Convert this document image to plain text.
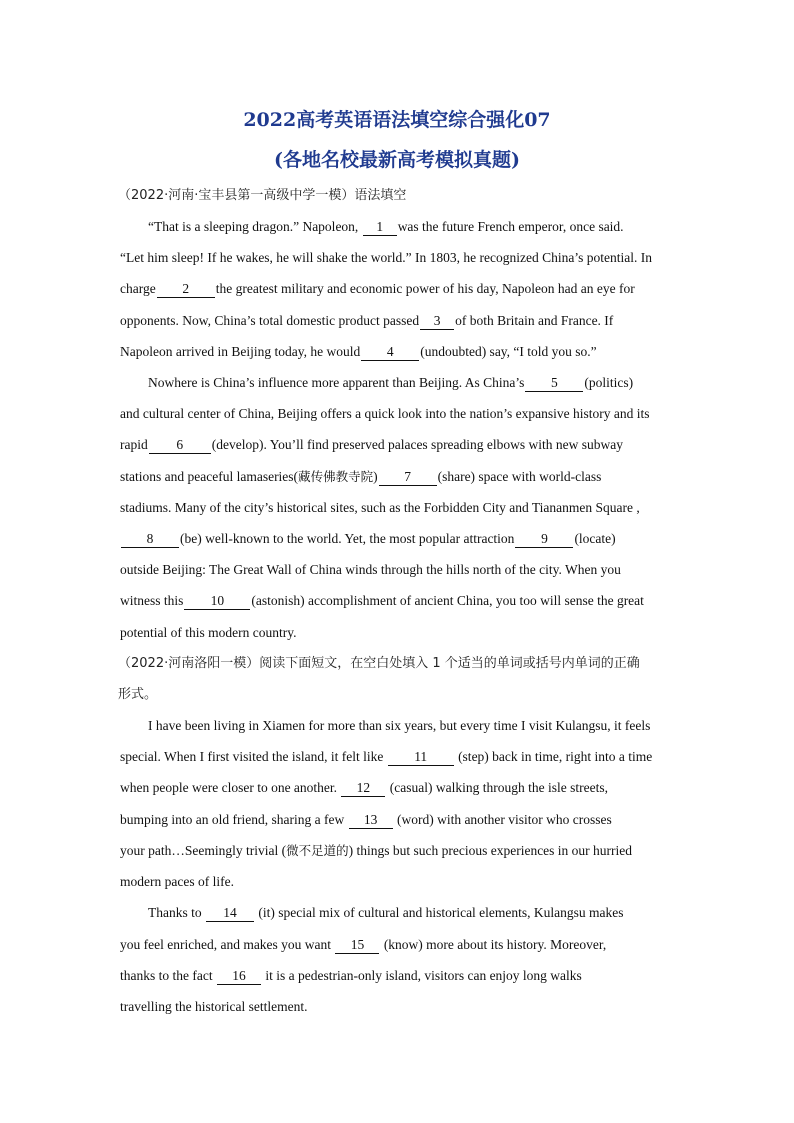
2022高考英语语法填空综合强化07
(各地名校最新高考模拟真题)
（2022·河南·宝丰县第一高级中学一模）语法填空
“That is a sleeping dragon.” Napoleon, 1 was the future French emperor, once said.
“Let him sleep! If he wakes, he will shake the world.” In 1803, he recognized China’s potential. In
charge 2 the greatest military and economic power of his day, Napoleon had an eye for
opponents. Now, China’s total domestic product passed 3 of both Britain and France. If
Napoleon arrived in Beijing today, he would 4 (undoubted) say, “I told you so.”
Nowhere is China’s influence more apparent than Beijing. As China’s 5 (politics)
and cultural center of China, Beijing offers a quick look into the nation’s expansive history and its
rapid 6 (develop). You’ll find preserved palaces spreading elbows with new subway
stations and peaceful lamaseries(藏传佛教寺院) 7 (share) space with world-class
stadiums. Many of the city’s historical sites, such as the Forbidden City and Tiananmen Square ,
8 (be) well-known to the world. Yet, the most popular attraction 9 (locate)
outside Beijing: The Great Wall of China winds through the hills north of the city. When you
witness this 10 (astonish) accomplishment of ancient China, you too will sense the great
potential of this modern country.
（2022·河南洛阳一模）阅读下面短文，在空白处填入 1 个适当的单词或括号内单词的正确
形式。
I have been living in Xiamen for more than six years, but every time I visit Kulangsu, it feels
special. When I first visited the island, it felt like 11 (step) back in time, right into a time
when people were closer to one another. 12 (casual) walking through the isle streets,
bumping into an old friend, sharing a few 13 (word) with another visitor who crosses
your path…Seemingly trivial (微不足道的) things but such precious experiences in our hurried
modern paces of life.
Thanks to 14 (it) special mix of cultural and historical elements, Kulangsu makes
you feel enriched, and makes you want 15 (know) more about its history. Moreover,
thanks to the fact 16 it is a pedestrian-only island, visitors can enjoy long walks
travelling the historical settlement.
